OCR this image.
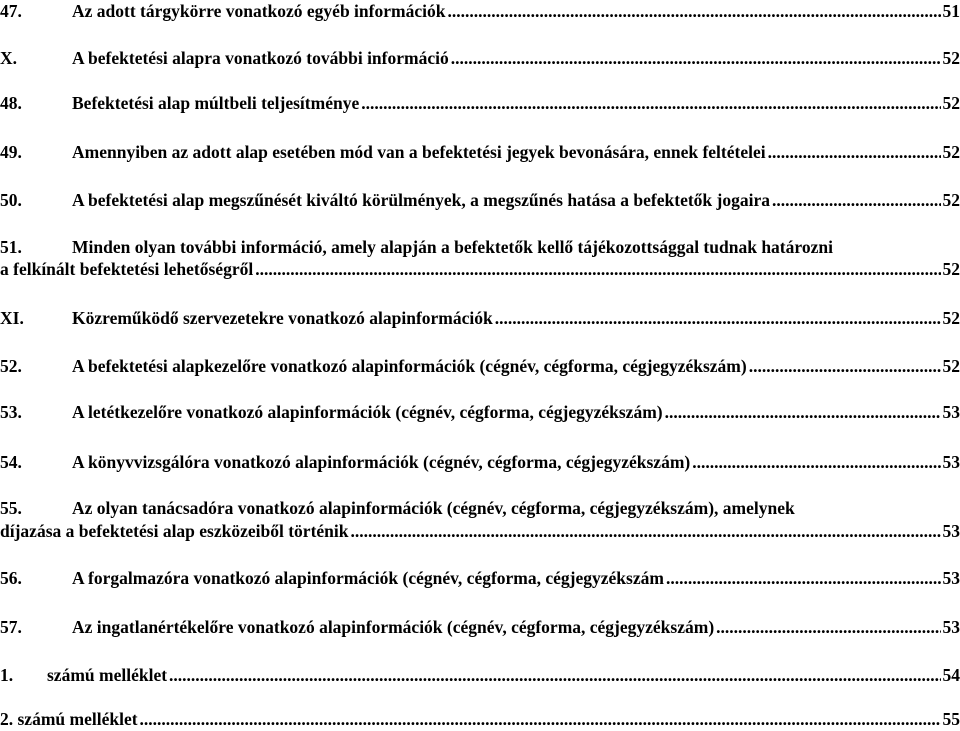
47.	Az adott tárgykörre vonatkozó egyéb információk .....	51
X.	A befektetési alapra vonatkozó további információ .....	52
48.	Befektetési alap múltbeli teljesítménye .....	52
49.	Amennyiben az adott alap esetében mód van a befektetési jegyek bevonására, ennek feltételei .....	52
50.	A befektetési alap megszűnését kiváltó körülmények, a megszűnés hatása a befektetők jogaira .....	52
51.	Minden olyan további információ, amely alapján a befektetők kellő tájékozottsággal tudnak határozni
a felkínált befektetési lehetőségről .....	52
XI.	Közreműködő szervezetekre vonatkozó alapinformációk .....	52
52.	A befektetési alapkezelőre vonatkozó alapinformációk (cégnév, cégforma, cégjegyzékszám) .....	52
53.	A letétkezelőre vonatkozó alapinformációk (cégnév, cégforma, cégjegyzékszám) .....	53
54.	A könyvvizsgálóra vonatkozó alapinformációk (cégnév, cégforma, cégjegyzékszám) .....	53
55.	Az olyan tanácsadóra vonatkozó alapinformációk (cégnév, cégforma, cégjegyzékszám), amelynek
díjazása a befektetési alap eszközeiből történik .....	53
56.	A forgalmazóra vonatkozó alapinformációk (cégnév, cégforma, cégjegyzékszám .....	53
57.	Az ingatlanértékelőre vonatkozó alapinformációk (cégnév, cégforma, cégjegyzékszám) .....	53
1. számú melléklet .....	54
2. számú melléklet .....	55
